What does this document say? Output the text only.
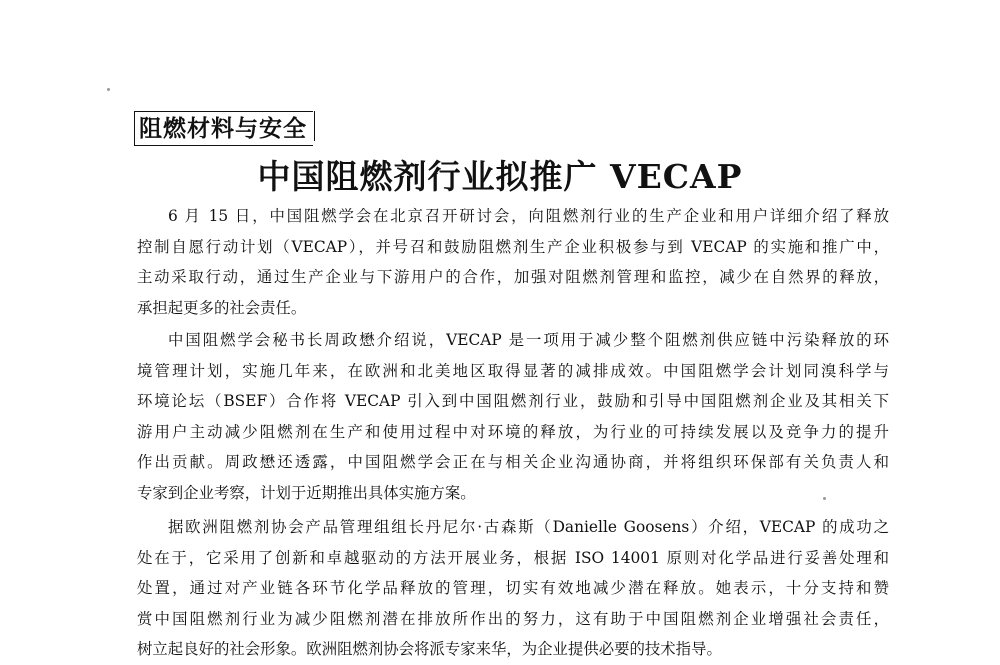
阻燃材料与安全
中国阻燃剂行业拟推广 VECAP
6 月 15 日，中国阻燃学会在北京召开研讨会，向阻燃剂行业的生产企业和用户详细介绍了释放
控制自愿行动计划（VECAP），并号召和鼓励阻燃剂生产企业积极参与到 VECAP 的实施和推广中，
主动采取行动，通过生产企业与下游用户的合作，加强对阻燃剂管理和监控，减少在自然界的释放，
承担起更多的社会责任。
中国阻燃学会秘书长周政懋介绍说，VECAP 是一项用于减少整个阻燃剂供应链中污染释放的环
境管理计划，实施几年来，在欧洲和北美地区取得显著的减排成效。中国阻燃学会计划同溴科学与
环境论坛（BSEF）合作将 VECAP 引入到中国阻燃剂行业，鼓励和引导中国阻燃剂企业及其相关下
游用户主动减少阻燃剂在生产和使用过程中对环境的释放，为行业的可持续发展以及竞争力的提升
作出贡献。周政懋还透露，中国阻燃学会正在与相关企业沟通协商，并将组织环保部有关负责人和
专家到企业考察，计划于近期推出具体实施方案。
据欧洲阻燃剂协会产品管理组组长丹尼尔·古森斯（Danielle Goosens）介绍，VECAP 的成功之
处在于，它采用了创新和卓越驱动的方法开展业务，根据 ISO 14001 原则对化学品进行妥善处理和
处置，通过对产业链各环节化学品释放的管理，切实有效地减少潜在释放。她表示，十分支持和赞
赏中国阻燃剂行业为减少阻燃剂潜在排放所作出的努力，这有助于中国阻燃剂企业增强社会责任，
树立起良好的社会形象。欧洲阻燃剂协会将派专家来华，为企业提供必要的技术指导。
